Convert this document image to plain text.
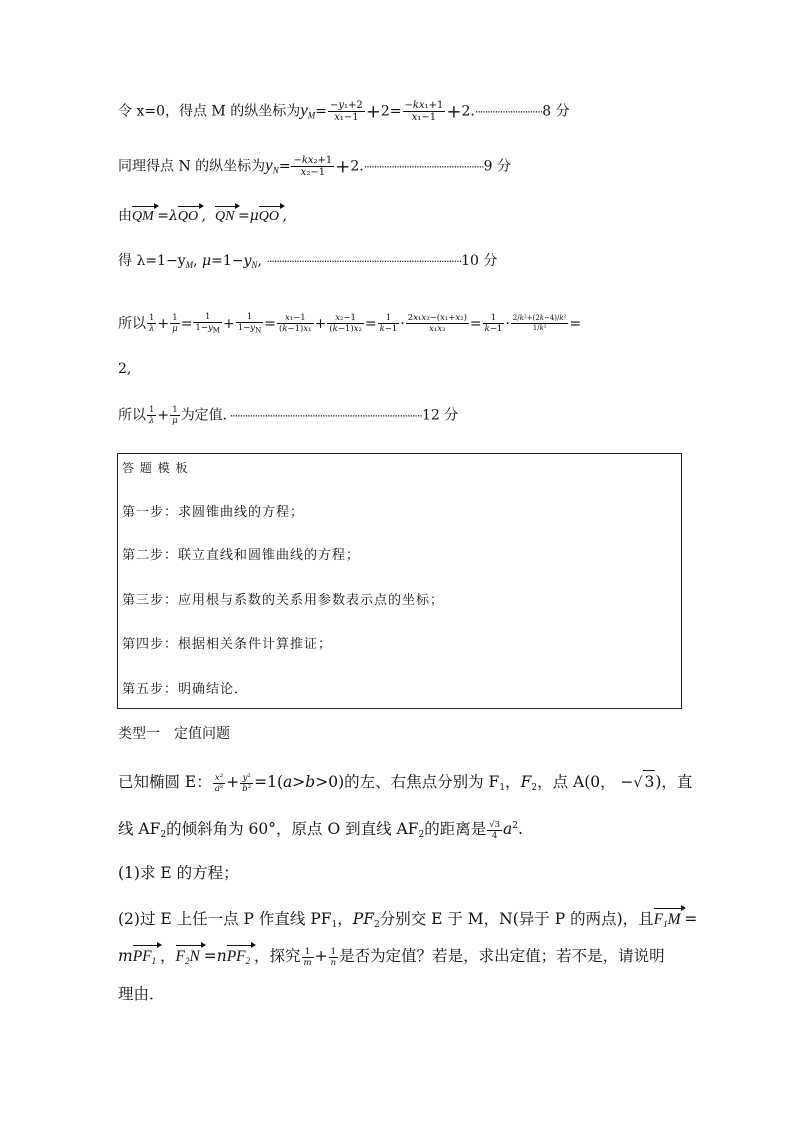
令 x=0，得点 M 的纵坐标为$y_M= \frac{\text{−y₁+2}}{\text{x₁−1}} +2= \frac{\text{−kx₁+1}}{\text{x₁−1}} +2.\cdot\cdot\cdot\cdot\cdot\cdot\cdot\cdot\cdot\cdot\cdot\cdot\cdot\cdot\cdot\cdot\cdot\cdot\cdot\cdot\cdot\cdot\cdot\cdot\cdot\cdot\cdot 8$ 分
同理得点 N 的纵坐标为$y_N= \frac{\text{−kx₂+1}}{\text{x₂−1}} +2.\cdot\cdot\cdot\cdot\cdot\cdot\cdot\cdot\cdot\cdot\cdot\cdot\cdot\cdot\cdot\cdot\cdot\cdot\cdot\cdot\cdot\cdot\cdot\cdot\cdot\cdot\cdot\cdot\cdot\cdot\cdot\cdot\cdot\cdot\cdot\cdot\cdot\cdot\cdot\cdot\cdot\cdot\cdot\cdot\cdot\cdot\cdot\cdot 9$ 分
由QM =λQO ,  QN =μQO ,
得 $\lambda=1-y_M$, $\mu=1-y_N$, ··············································································10 分
所以 $\frac{1}{\lambda} + \frac{1}{\mu} = \frac{1}{1-y_M} + \frac{1}{1-y_N} = \frac{\text{x₁−1}}{\text{(k−1)x₁}} + \frac{\text{x₂−1}}{\text{(k−1)x₂}} = \frac{1}{k-1} \cdot \frac{\text{2x₁x₂−(x₁+x₂)}}{\text{x₁x₂}} = \frac{1}{k-1} \cdot \frac{\text{2/k²+(2k−4)/k²}}{\text{1/k²}}$ =
2,
所以 $\frac{1}{\lambda} + \frac{1}{\mu}$ 为定值．·············································································12 分
答 题 模 板
第一步：求圆锥曲线的方程；
第二步：联立直线和圆锥曲线的方程；
第三步：应用根与系数的关系用参数表示点的坐标；
第四步：根据相关条件计算推证；
第五步：明确结论．
类型一　定值问题
已知椭圆 E： $\frac{\text{x²}}{\text{a²}} + \frac{\text{y²}}{\text{b²}} =1(a>b>0)$的左、右焦点分别为 $F_1$，$F_2$，点 A(0， −√ 3)，直
线 $AF_2$的倾斜角为 60°，原点 O 到直线 $AF_2$的距离是 $\frac{√3}{4} a^2$.
(1)求 E 的方程；
(2)过 E 上任一点 P 作直线 $PF_1$，$PF_2$分别交 E 于 M，N(异于 P 的两点)，且$F_1M$ =
mPF$_1$ ，$F_2N =nPF_2$ ，探究 $\frac{1}{m} + \frac{1}{n}$ 是否为定值？若是，求出定值；若不是，请说明
理由．
